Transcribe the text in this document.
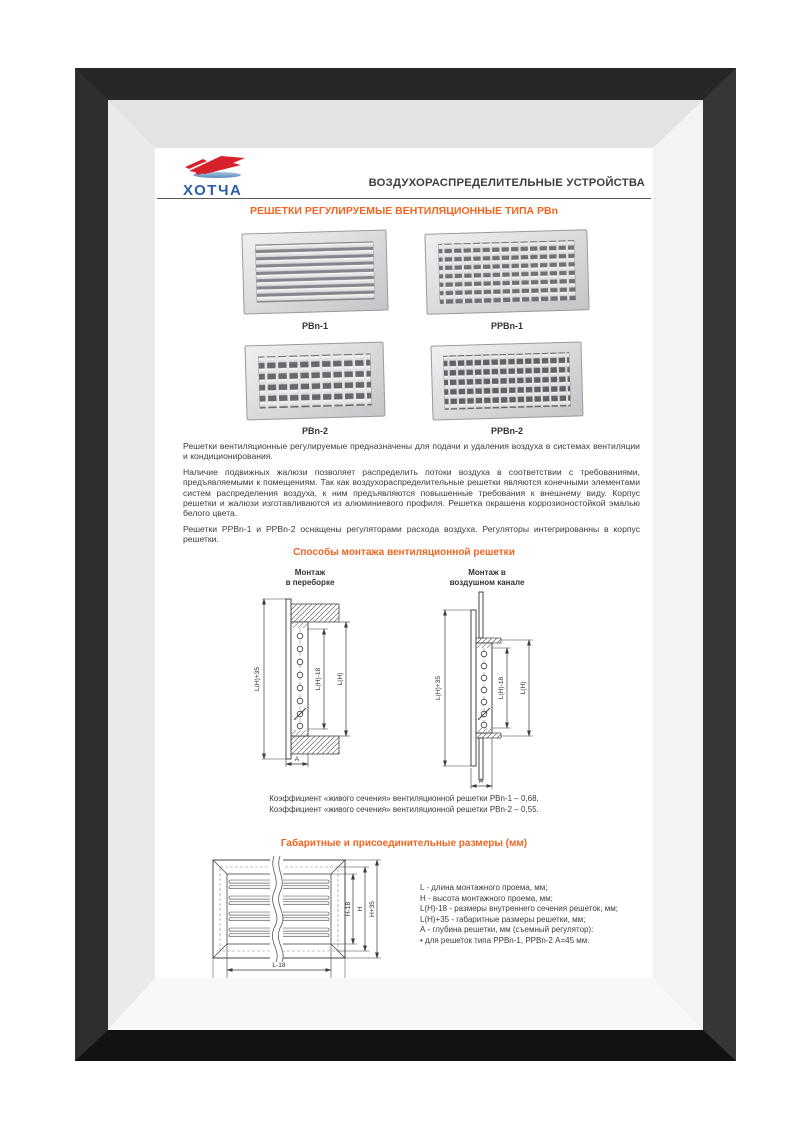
ХОТЧА	ВОЗДУХОРАСПРЕДЕЛИТЕЛЬНЫЕ УСТРОЙСТВА
РЕШЕТКИ РЕГУЛИРУЕМЫЕ ВЕНТИЛЯЦИОННЫЕ ТИПА РВn
РВn-1	РРВn-1
РВn-2	РРВn-2

Решетки вентиляционные регулируемые предназначены для подачи и удаления воздуха в системах вентиляции и кондиционирования.

Наличие подвижных жалюзи позволяет распределить потоки воздуха в соответствии с требованиями, предъявляемыми к помещениям. Так как воздухораспределительные решетки являются конечными элементами систем распределения воздуха, к ним предъявляются повышенные требования к внешнему виду. Корпус решетки и жалюзи изготавливаются из алюминиевого профиля. Решетка окрашена коррозионостойкой эмалью белого цвета.

Решетки РРВn-1 и РРВn-2 оснащены регуляторами расхода воздуха. Регуляторы интегрированны в корпус решетки.

Способы монтажа вентиляционной решетки
Монтаж
в переборке
L(H)+35	L(H)-18 L(H)
A
Монтаж в
воздушном канале
L(H)+35	L(H)-18 L(H)
A
Коэффициент «живого сечения» вентиляционной решетки РВn-1 – 0,68,
Коэффициент «живого сечения» вентиляционной решетки РВn-2 – 0,55.
Габаритные и присоединительные размеры (мм)
H-18 H H+35
L-18
L - длина монтажного проема, мм;
H - высота монтажного проема, мм;
L(H)-18 - размеры внутреннего сечения решеток, мм;
L(H)+35 - габаритные размеры решетки, мм;
А - глубина решетки, мм (съемный регулятор):
• для решеток типа РРВn-1, РРВn-2 А=45 мм.
